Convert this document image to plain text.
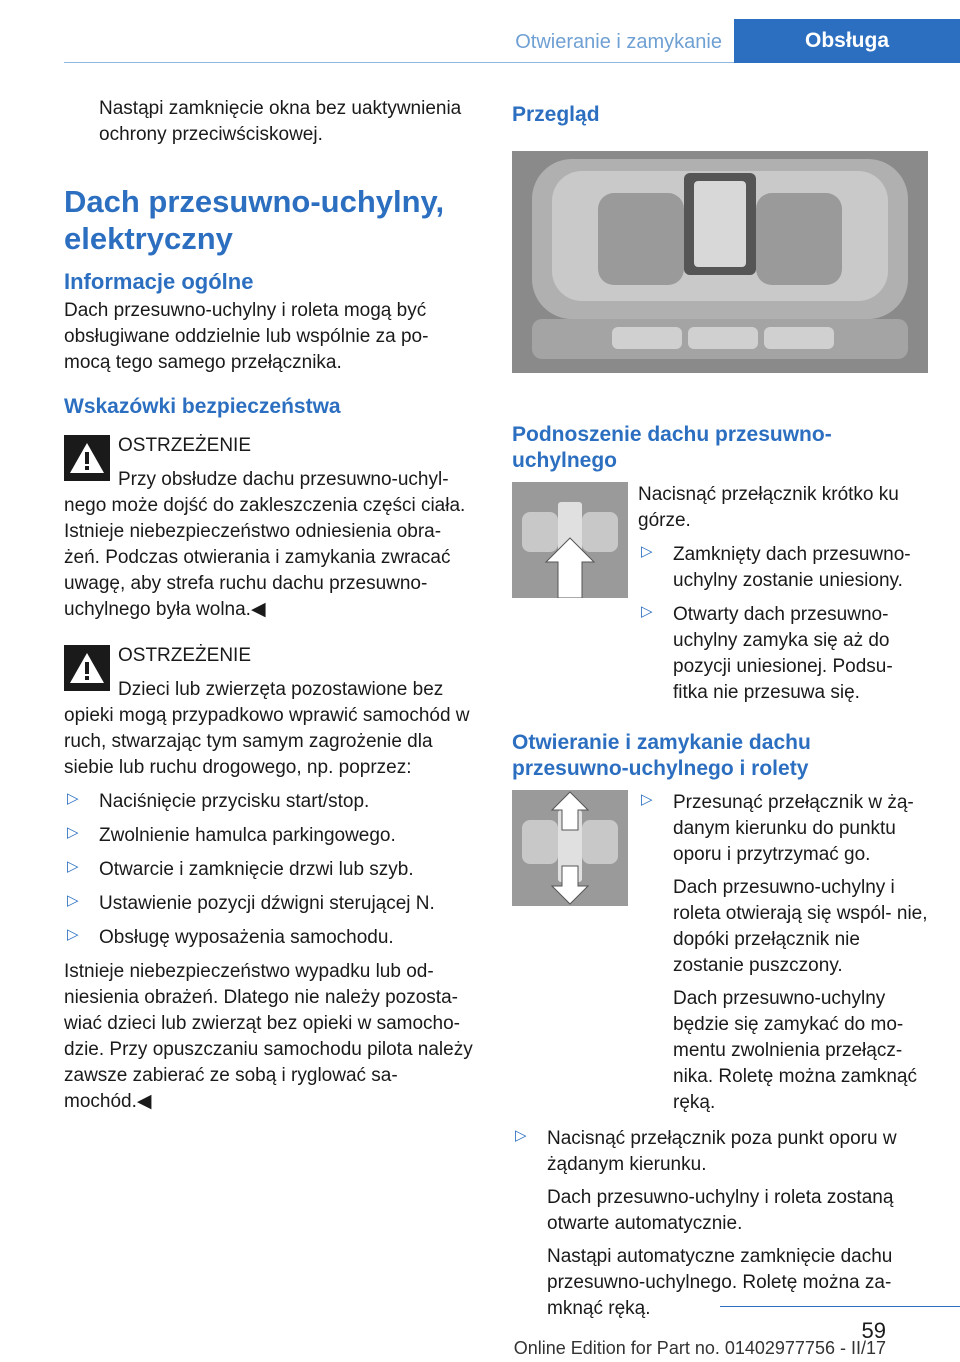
Otwieranie i zamykanie	Obsługa

Nastąpi zamknięcie okna bez uaktywnienia ochrony przeciwściskowej.

Dach przesuwno-uchylny, elektryczny
Informacje ogólne

Dach przesuwno-uchylny i roleta mogą być obsługiwane oddzielnie lub wspólnie za po- mocą tego samego przełącznika.

Wskazówki bezpieczeństwa
OSTRZEŻENIE

Przy obsłudze dachu przesuwno-uchyl- nego może dojść do zakleszczenia części ciała. Istnieje niebezpieczeństwo odniesienia obra- żeń. Podczas otwierania i zamykania zwracać uwagę, aby strefa ruchu dachu przesuwno- uchylnego była wolna.◀

OSTRZEŻENIE

Dzieci lub zwierzęta pozostawione bez opieki mogą przypadkowo wprawić samochód w ruch, stwarzając tym samym zagrożenie dla siebie lub ruchu drogowego, np. poprzez:

▷ Naciśnięcie przycisku start/stop.

▷ Zwolnienie hamulca parkingowego.

▷ Otwarcie i zamknięcie drzwi lub szyb.

▷ Ustawienie pozycji dźwigni sterującej N.

▷ Obsługę wyposażenia samochodu.

Istnieje niebezpieczeństwo wypadku lub od- niesienia obrażeń. Dlatego nie należy pozosta- wiać dzieci lub zwierząt bez opieki w samocho- dzie. Przy opuszczaniu samochodu pilota należy zawsze zabierać ze sobą i ryglować sa- mochód.◀

Przegląd
Podnoszenie dachu przesuwno- uchylnego

Nacisnąć przełącznik krótko ku górze.

▷ Zamknięty dach przesuwno- uchylny zostanie uniesiony.

▷ Otwarty dach przesuwno- uchylny zamyka się aż do pozycji uniesionej. Podsu- fitka nie przesuwa się.

Otwieranie i zamykanie dachu przesuwno-uchylnego i rolety
▷ Przesunąć przełącznik w żą- danym kierunku do punktu oporu i przytrzymać go.

Dach przesuwno-uchylny i roleta otwierają się wspól- nie, dopóki przełącznik nie zostanie puszczony.

Dach przesuwno-uchylny będzie się zamykać do mo- mentu zwolnienia przełącz- nika. Roletę można zamknąć ręką.

▷ Nacisnąć przełącznik poza punkt oporu w żądanym kierunku.

Dach przesuwno-uchylny i roleta zostaną otwarte automatycznie.

Nastąpi automatyczne zamknięcie dachu przesuwno-uchylnego. Roletę można za- mknąć ręką.

59
Online Edition for Part no. 01402977756 - II/17
